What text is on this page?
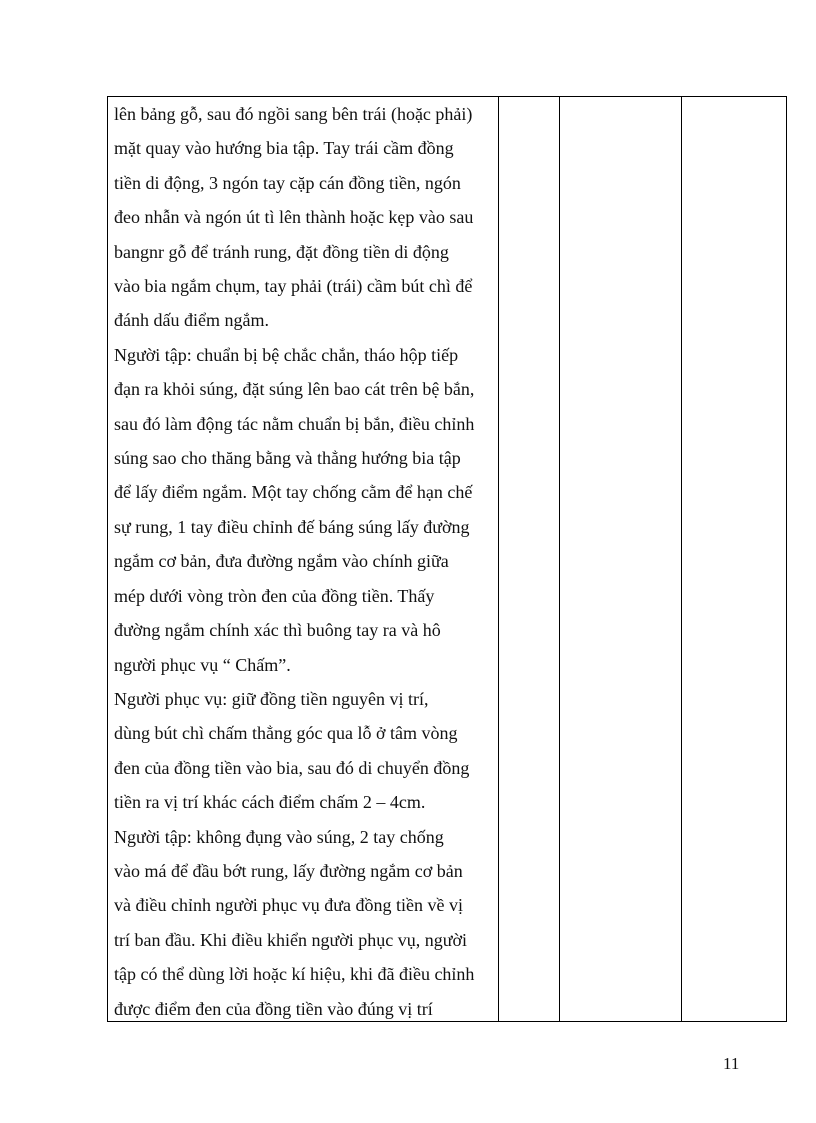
lên bảng gỗ, sau đó ngồi sang bên trái (hoặc phải)

mặt quay vào hướng bia tập. Tay trái cầm đồng

tiền di động, 3 ngón tay cặp cán đồng tiền, ngón

đeo nhẫn và ngón út tì lên thành hoặc kẹp vào sau

bangnr gỗ để tránh rung, đặt đồng tiền di động

vào bia ngắm chụm, tay phải (trái) cầm bút chì để

đánh dấu điểm ngắm.

Người tập: chuẩn bị bệ chắc chắn, tháo hộp tiếp

đạn ra khỏi súng, đặt súng lên bao cát trên bệ bắn,

sau đó làm động tác nằm chuẩn bị bắn, điều chỉnh

súng sao cho thăng bằng và thẳng hướng bia tập

để lấy điểm ngắm. Một tay chống cằm để hạn chế

sự rung, 1 tay điều chỉnh đế báng súng lấy đường

ngắm cơ bản, đưa đường ngắm vào chính giữa

mép dưới vòng tròn đen của đồng tiền. Thấy

đường ngắm chính xác thì buông tay ra và hô

người phục vụ “ Chấm”.

Người phục vụ: giữ đồng tiền nguyên vị trí,

dùng bút chì chấm thẳng góc qua lỗ ở tâm vòng

đen của đồng tiền vào bia, sau đó di chuyển đồng

tiền ra vị trí khác cách điểm chấm 2 – 4cm.

Người tập: không đụng vào súng, 2 tay chống

vào má để đầu bớt rung, lấy đường ngắm cơ bản

và điều chỉnh người phục vụ đưa đồng tiền về vị

trí ban đầu. Khi điều khiển người phục vụ, người

tập có thể dùng lời hoặc kí hiệu, khi đã điều chỉnh

được điểm đen của đồng tiền vào đúng vị trí

11
